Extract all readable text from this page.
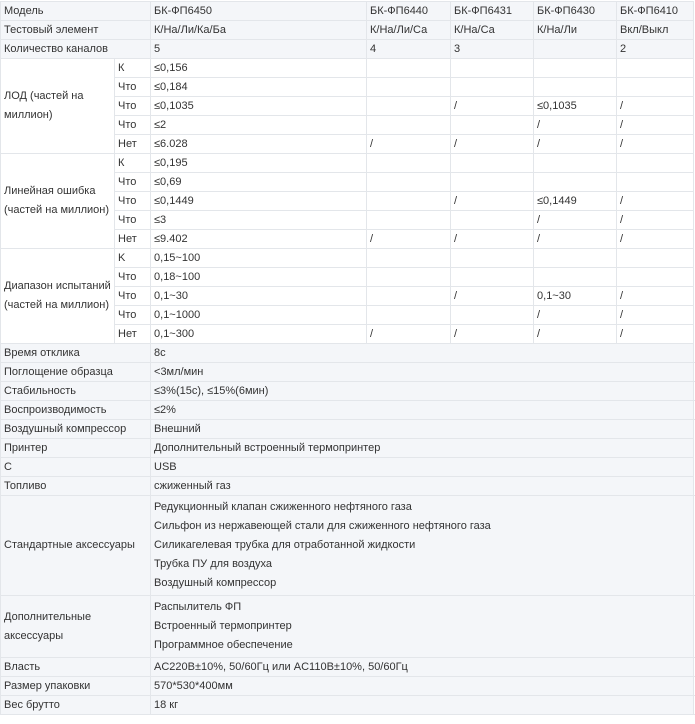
Модель		БК-ФП6450	БК-ФП6440	БК-ФП6431	БК-ФП6430	БК-ФП6410	
Тестовый элемент		К/На/Ли/Ка/Ба	К/На/Ли/Са	К/На/Са	К/На/Ли	Вкл/Выкл	
Количество каналов		5	4	3		2	
ЛОД (частей на миллион)	К	≤0,156					
	Что	≤0,184					
	Что	≤0,1035		/	≤0,1035	/	
	Что	≤2			/	/	
	Нет	≤6.028	/	/	/	/	
Линейная ошибка (частей на миллион)	К	≤0,195					
	Что	≤0,69					
	Что	≤0,1449		/	≤0,1449	/	
	Что	≤3			/	/	
	Нет	≤9.402	/	/	/	/	
Диапазон испытаний (частей на миллион)	K	0,15~100					
	Что	0,18~100					
	Что	0,1~30		/	0,1~30	/	
	Что	0,1~1000			/	/	
	Нет	0,1~300	/	/	/	/	
Время отклика		8с					
Поглощение образца		<3мл/мин					
Стабильность		≤3%(15с), ≤15%(6мин)					
Воспроизводимость		≤2%					
Воздушный компрессор		Внешний					
Принтер		Дополнительный встроенный термопринтер	
С		USB	
Топливо		сжиженный газ					
Стандартные аксессуары		Редукционный клапан сжиженного нефтяного газа
Сильфон из нержавеющей стали для сжиженного нефтяного газа
Силикагелевая трубка для отработанной жидкости
Трубка ПУ для воздуха
Воздушный компрессор					

Дополнительные аксессуары		Распылитель ФП
Встроенный термопринтер
Программное обеспечение					

Власть		AC220В±10%, 50/60Гц или AC110В±10%, 50/60Гц					
Размер упаковки		570*530*400мм					
Вес брутто		18 кг					
